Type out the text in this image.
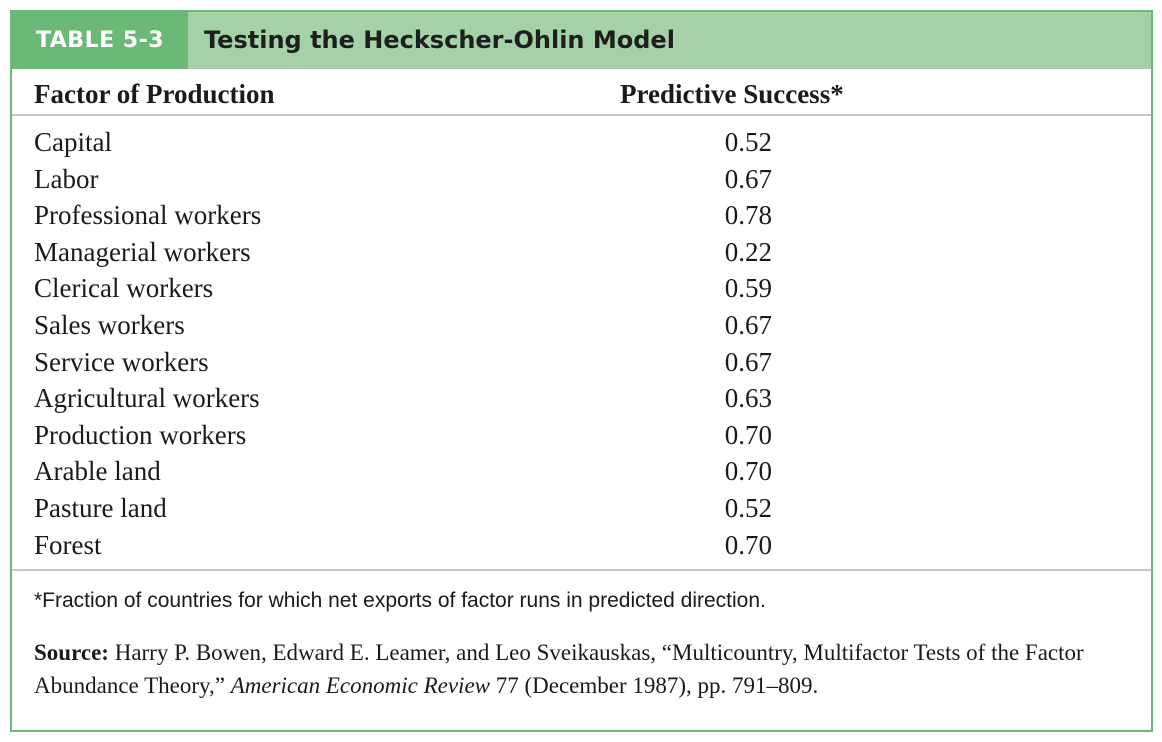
TABLE 5-3	Testing the Heckscher-Ohlin Model
Factor of Production	Predictive Success*
Capital	0.52
Labor	0.67
Professional workers	0.78
Managerial workers	0.22
Clerical workers	0.59
Sales workers	0.67
Service workers	0.67
Agricultural workers	0.63
Production workers	0.70
Arable land	0.70
Pasture land	0.52
Forest	0.70
*Fraction of countries for which net exports of factor runs in predicted direction.
Source: Harry P. Bowen, Edward E. Leamer, and Leo Sveikauskas, “Multicountry, Multifactor Tests of the Factor Abundance Theory,” American Economic Review 77 (December 1987), pp. 791–809.
